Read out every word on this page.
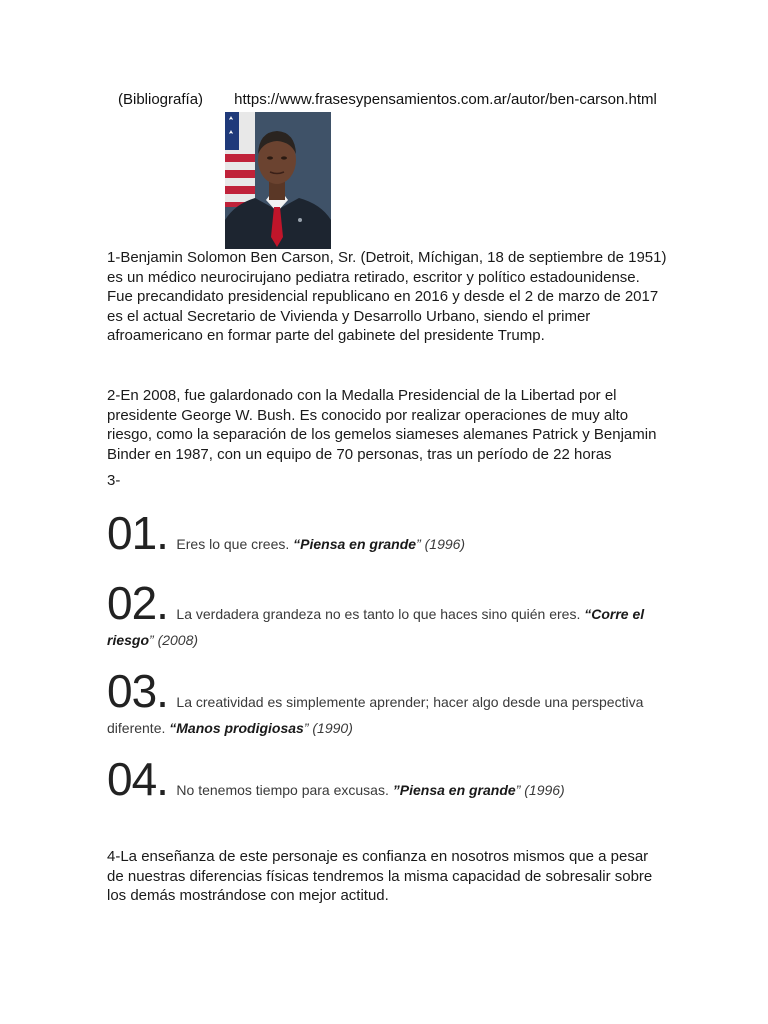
(Bibliografía) https://www.frasesypensamientos.com.ar/autor/ben-carson.html
1-Benjamin Solomon Ben Carson, Sr. (Detroit, Míchigan, 18 de septiembre de 1951) es un médico neurocirujano pediatra retirado, escritor y político estadounidense. Fue precandidato presidencial republicano en 2016 y desde el 2 de marzo de 2017 es el actual Secretario de Vivienda y Desarrollo Urbano, siendo el primer afroamericano en formar parte del gabinete del presidente Trump.
2-En 2008, fue galardonado con la Medalla Presidencial de la Libertad por el presidente George W. Bush. Es conocido por realizar operaciones de muy alto riesgo, como la separación de los gemelos siameses alemanes Patrick y Benjamin Binder en 1987, con un equipo de 70 personas, tras un período de 22 horas
3-
01. Eres lo que crees. “Piensa en grande” (1996)
02. La verdadera grandeza no es tanto lo que haces sino quién eres. “Corre el
riesgo” (2008)
03. La creatividad es simplemente aprender; hacer algo desde una perspectiva
diferente. “Manos prodigiosas” (1990)
04. No tenemos tiempo para excusas. ”Piensa en grande” (1996)
4-La enseñanza de este personaje es confianza en nosotros mismos que a pesar de nuestras diferencias físicas tendremos la misma capacidad de sobresalir sobre los demás mostrándose con mejor actitud.
